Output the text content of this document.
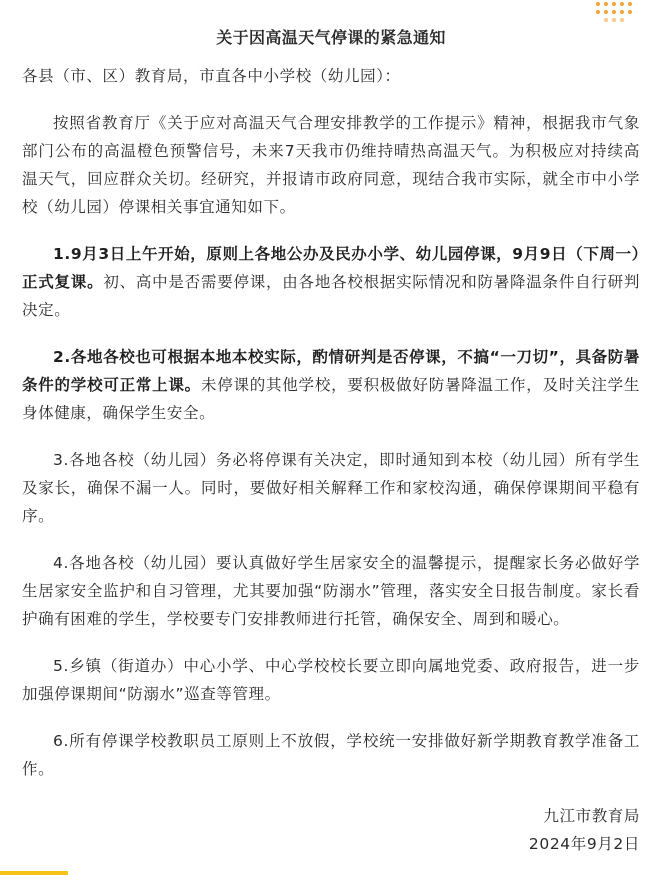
关于因高温天气停课的紧急通知

各县（市、区）教育局，市直各中小学校（幼儿园）：

按照省教育厅《关于应对高温天气合理安排教学的工作提示》精神，根据我市气象部门公布的高温橙色预警信号，未来7天我市仍维持晴热高温天气。为积极应对持续高温天气，回应群众关切。经研究，并报请市政府同意，现结合我市实际，就全市中小学校（幼儿园）停课相关事宜通知如下。

1.9月3日上午开始，原则上各地公办及民办小学、幼儿园停课，9月9日（下周一）正式复课。初、高中是否需要停课，由各地各校根据实际情况和防暑降温条件自行研判决定。

2.各地各校也可根据本地本校实际，酌情研判是否停课，不搞“一刀切”，具备防暑条件的学校可正常上课。未停课的其他学校，要积极做好防暑降温工作，及时关注学生身体健康，确保学生安全。

3.各地各校（幼儿园）务必将停课有关决定，即时通知到本校（幼儿园）所有学生及家长，确保不漏一人。同时，要做好相关解释工作和家校沟通，确保停课期间平稳有序。

4.各地各校（幼儿园）要认真做好学生居家安全的温馨提示，提醒家长务必做好学生居家安全监护和自习管理，尤其要加强“防溺水”管理，落实安全日报告制度。家长看护确有困难的学生，学校要专门安排教师进行托管，确保安全、周到和暖心。

5.乡镇（街道办）中心小学、中心学校校长要立即向属地党委、政府报告，进一步加强停课期间“防溺水”巡查等管理。

6.所有停课学校教职员工原则上不放假，学校统一安排做好新学期教育教学准备工作。

九江市教育局

2024年9月2日
